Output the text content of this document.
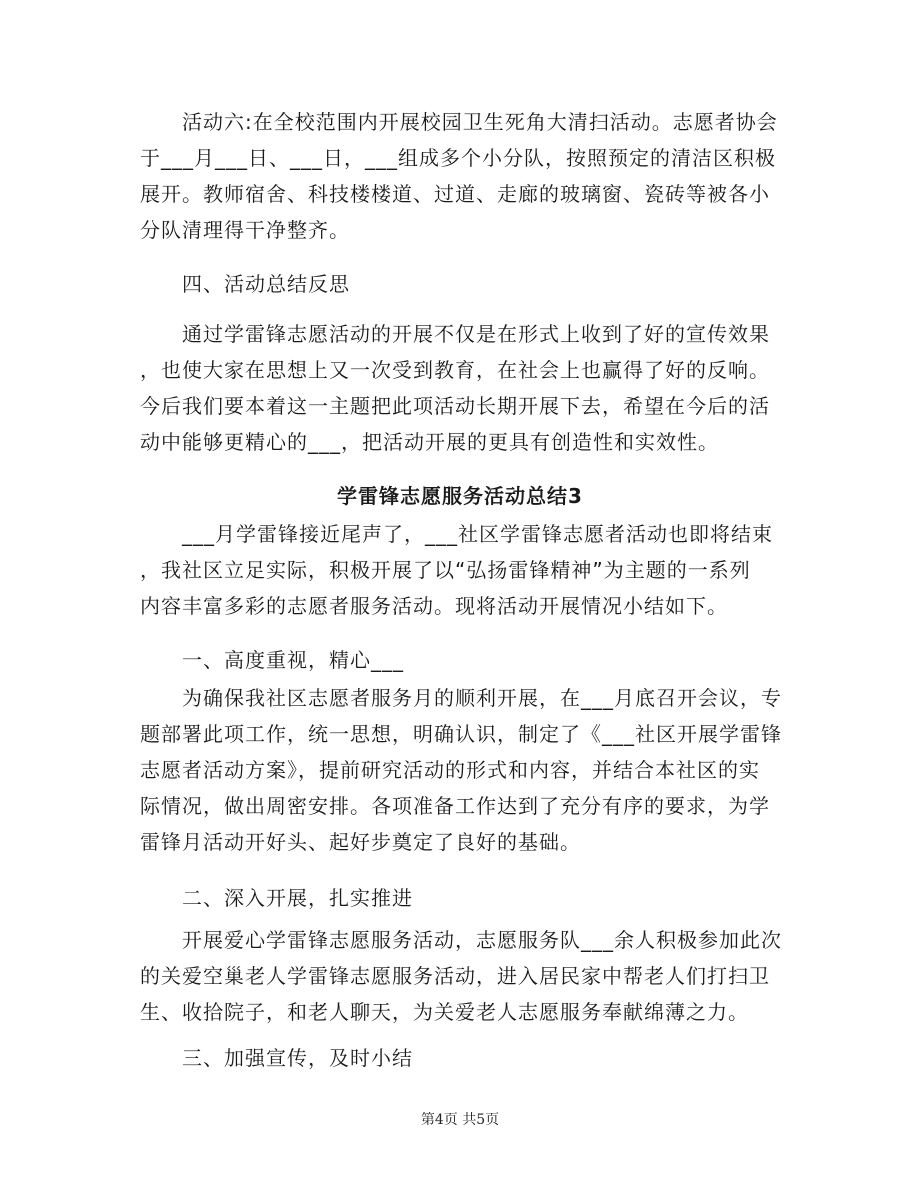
　　活动六:在全校范围内开展校园卫生死角大清扫活动。志愿者协会
于___月___日、___日，___组成多个小分队，按照预定的清洁区积极
展开。教师宿舍、科技楼楼道、过道、走廊的玻璃窗、瓷砖等被各小
分队清理得干净整齐。

　　四、活动总结反思

　　通过学雷锋志愿活动的开展不仅是在形式上收到了好的宣传效果
，也使大家在思想上又一次受到教育，在社会上也赢得了好的反响。
今后我们要本着这一主题把此项活动长期开展下去，希望在今后的活
动中能够更精心的___，把活动开展的更具有创造性和实效性。

学雷锋志愿服务活动总结3

　　___月学雷锋接近尾声了，___社区学雷锋志愿者活动也即将结束
，我社区立足实际，积极开展了以“弘扬雷锋精神”为主题的一系列
内容丰富多彩的志愿者服务活动。现将活动开展情况小结如下。

　　一、高度重视，精心___

　　为确保我社区志愿者服务月的顺利开展，在___月底召开会议，专
题部署此项工作，统一思想，明确认识，制定了《___社区开展学雷锋
志愿者活动方案》，提前研究活动的形式和内容，并结合本社区的实
际情况，做出周密安排。各项准备工作达到了充分有序的要求，为学
雷锋月活动开好头、起好步奠定了良好的基础。

　　二、深入开展，扎实推进

　　开展爱心学雷锋志愿服务活动，志愿服务队___余人积极参加此次
的关爱空巢老人学雷锋志愿服务活动，进入居民家中帮老人们打扫卫
生、收拾院子，和老人聊天，为关爱老人志愿服务奉献绵薄之力。

　　三、加强宣传，及时小结

第4页 共5页
